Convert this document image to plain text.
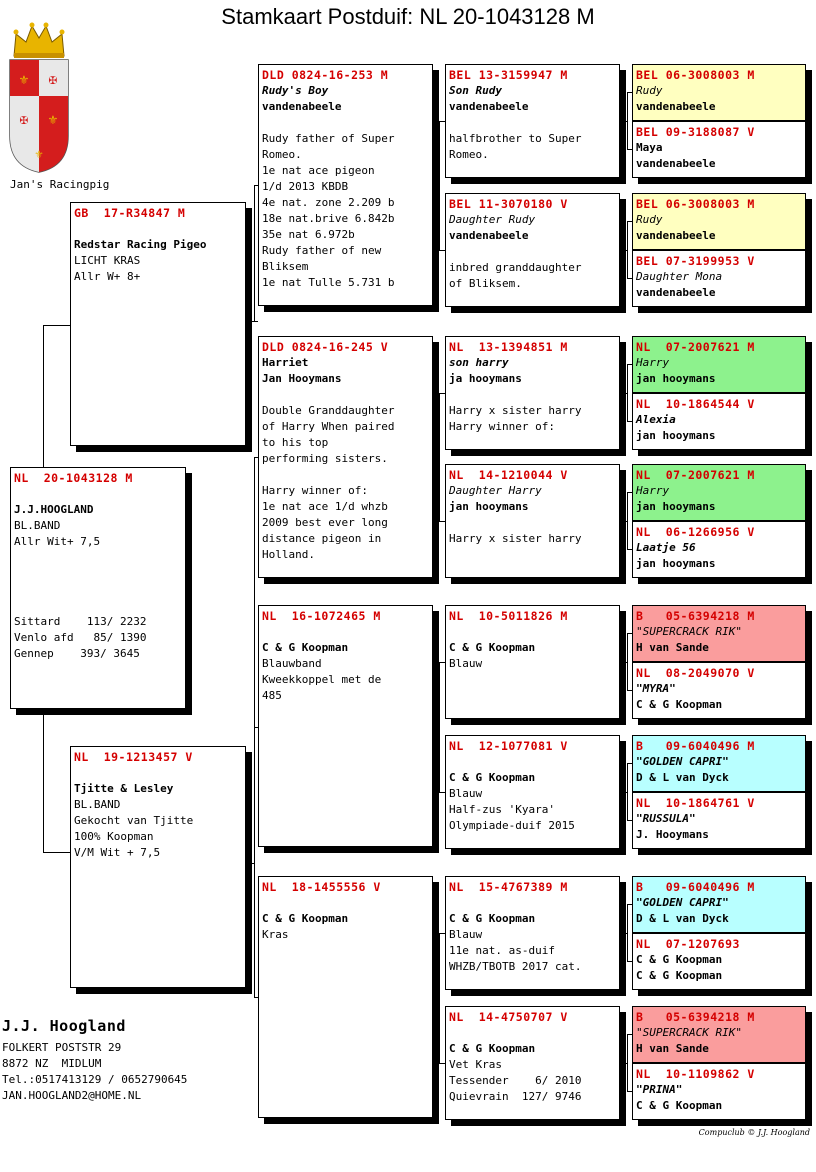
Stamkaart Postduif: NL 20-1043128 M
⚜ ✠
✠ ⚜
⚜
Jan's Racingpig
NL  20-1043128 M
J.J.HOOGLAND
BL.BAND
Allr Wit+ 7,5
Sittard    113/ 2232
Venlo afd   85/ 1390
Gennep    393/ 3645
GB  17-R34847 M
Redstar Racing Pigeo
LICHT KRAS
Allr W+ 8+
NL  19-1213457 V
Tjitte & Lesley
BL.BAND
Gekocht van Tjitte
100% Koopman
V/M Wit + 7,5
DLD 0824-16-253 M
Rudy's Boy
vandenabeele
Rudy father of Super
Romeo.
1e nat ace pigeon
1/d 2013 KBDB
4e nat. zone 2.209 b
18e nat.brive 6.842b
35e nat 6.972b
Rudy father of new
Bliksem
1e nat Tulle 5.731 b
DLD 0824-16-245 V
Harriet
Jan Hooymans
Double Granddaughter
of Harry When paired
to his top
performing sisters.
Harry winner of:
1e nat ace 1/d whzb
2009 best ever long
distance pigeon in
Holland.
NL  16-1072465 M
C & G Koopman
Blauwband
Kweekkoppel met de
485
NL  18-1455556 V
C & G Koopman
Kras
BEL 13-3159947 M
Son Rudy
vandenabeele
halfbrother to Super
Romeo.
BEL 11-3070180 V
Daughter Rudy
vandenabeele
inbred granddaughter
of Bliksem.
NL  13-1394851 M
son harry
ja hooymans
Harry x sister harry
Harry winner of:
NL  14-1210044 V
Daughter Harry
jan hooymans
Harry x sister harry
NL  10-5011826 M
C & G Koopman
Blauw
NL  12-1077081 V
C & G Koopman
Blauw
Half-zus 'Kyara'
Olympiade-duif 2015
NL  15-4767389 M
C & G Koopman
Blauw
11e nat. as-duif
WHZB/TBOTB 2017 cat.
NL  14-4750707 V
C & G Koopman
Vet Kras
Tessender    6/ 2010
Quievrain  127/ 9746
BEL 06-3008003 M
Rudy
vandenabeele
BEL 09-3188087 V
Maya
vandenabeele
BEL 06-3008003 M
Rudy
vandenabeele
BEL 07-3199953 V
Daughter Mona
vandenabeele
NL  07-2007621 M
Harry
jan hooymans
NL  10-1864544 V
Alexia
jan hooymans
NL  07-2007621 M
Harry
jan hooymans
NL  06-1266956 V
Laatje 56
jan hooymans
B   05-6394218 M
"SUPERCRACK RIK"
H van Sande
NL  08-2049070 V
"MYRA"
C & G Koopman
B   09-6040496 M
"GOLDEN CAPRI"
D & L van Dyck
NL  10-1864761 V
"RUSSULA"
J. Hooymans
B   09-6040496 M
"GOLDEN CAPRI"
D & L van Dyck
NL  07-1207693
C & G Koopman
C & G Koopman
B   05-6394218 M
"SUPERCRACK RIK"
H van Sande
NL  10-1109862 V
"PRINA"
C & G Koopman
J.J. Hoogland
FOLKERT POSTSTR 29
8872 NZ  MIDLUM
Tel.:0517413129 / 0652790645
JAN.HOOGLAND2@HOME.NL
Compuclub © J.J. Hoogland
